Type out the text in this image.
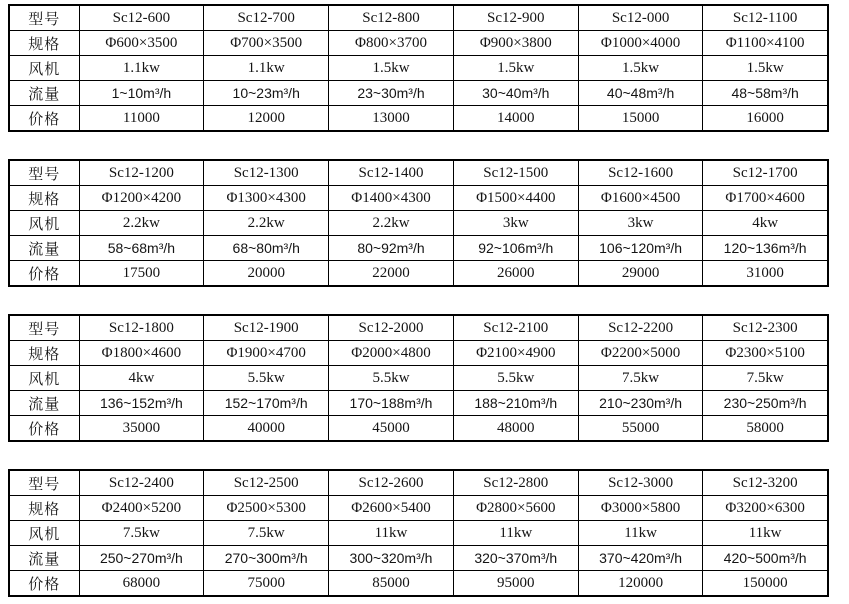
型号	Sc12-600	Sc12-700	Sc12-800	Sc12-900	Sc12-000	Sc12-1100
规格	Φ600×3500	Φ700×3500	Φ800×3700	Φ900×3800	Φ1000×4000	Φ1100×4100
风机	1.1kw	1.1kw	1.5kw	1.5kw	1.5kw	1.5kw
流量	1~10m³/h	10~23m³/h	23~30m³/h	30~40m³/h	40~48m³/h	48~58m³/h
价格	11000	12000	13000	14000	15000	16000
型号	Sc12-1200	Sc12-1300	Sc12-1400	Sc12-1500	Sc12-1600	Sc12-1700
规格	Φ1200×4200	Φ1300×4300	Φ1400×4300	Φ1500×4400	Φ1600×4500	Φ1700×4600
风机	2.2kw	2.2kw	2.2kw	3kw	3kw	4kw
流量	58~68m³/h	68~80m³/h	80~92m³/h	92~106m³/h	106~120m³/h	120~136m³/h
价格	17500	20000	22000	26000	29000	31000
型号	Sc12-1800	Sc12-1900	Sc12-2000	Sc12-2100	Sc12-2200	Sc12-2300
规格	Φ1800×4600	Φ1900×4700	Φ2000×4800	Φ2100×4900	Φ2200×5000	Φ2300×5100
风机	4kw	5.5kw	5.5kw	5.5kw	7.5kw	7.5kw
流量	136~152m³/h	152~170m³/h	170~188m³/h	188~210m³/h	210~230m³/h	230~250m³/h
价格	35000	40000	45000	48000	55000	58000
型号	Sc12-2400	Sc12-2500	Sc12-2600	Sc12-2800	Sc12-3000	Sc12-3200
规格	Φ2400×5200	Φ2500×5300	Φ2600×5400	Φ2800×5600	Φ3000×5800	Φ3200×6300
风机	7.5kw	7.5kw	11kw	11kw	11kw	11kw
流量	250~270m³/h	270~300m³/h	300~320m³/h	320~370m³/h	370~420m³/h	420~500m³/h
价格	68000	75000	85000	95000	120000	150000
